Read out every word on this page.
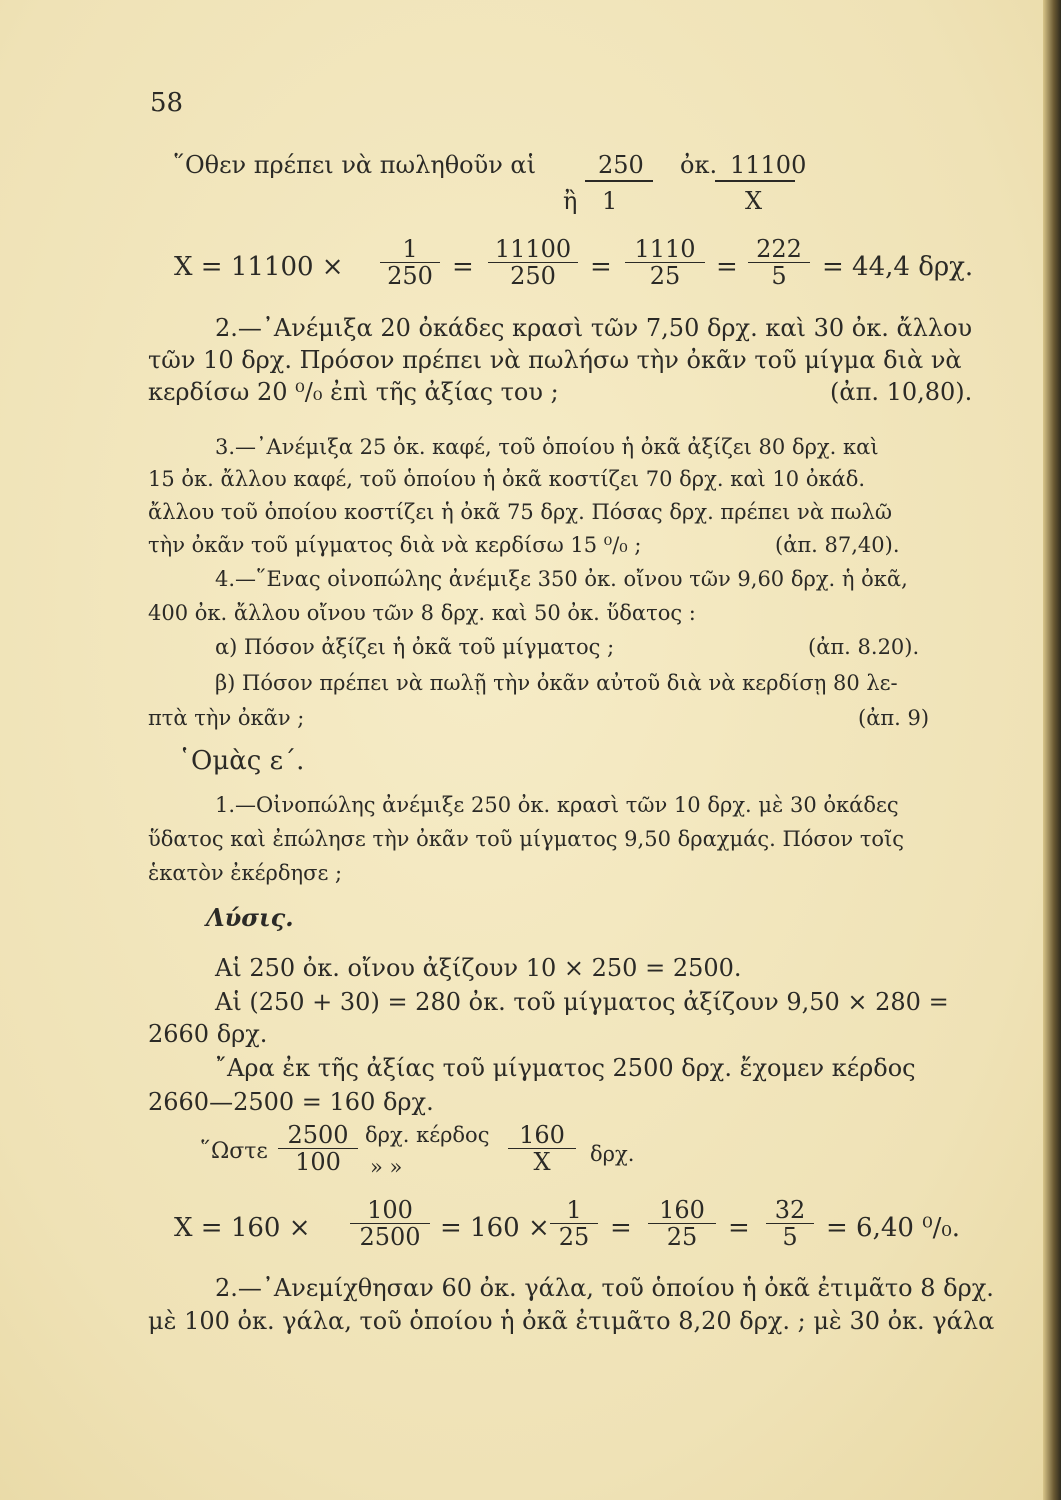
58
῞Οθεν πρέπει νὰ πωληθοῦν αἱ	250 ὀκ. 11100
ἢ 1	X
$X = 11100 \times \frac{1}{250} = \frac{11100}{250} = \frac{1110}{25} = \frac{222}{5} = 44,4$ δρχ.
2.—᾽Ανέμιξα 20 ὀκάδες κρασὶ τῶν 7,50 δρχ. καὶ 30 ὀκ. ἄλλου
τῶν 10 δρχ. Πρόσον πρέπει νὰ πωλήσω τὴν ὀκᾶν τοῦ μίγμα διὰ νὰ
κερδίσω 20 ⁰/₀ ἐπὶ τῆς ἀξίας του ;	(ἀπ. 10,80).
3.—᾽Ανέμιξα 25 ὀκ. καφέ, τοῦ ὁποίου ἡ ὀκᾶ ἀξίζει 80 δρχ. καὶ
15 ὀκ. ἄλλου καφέ, τοῦ ὁποίου ἡ ὀκᾶ κοστίζει 70 δρχ. καὶ 10 ὀκάδ.
ἄλλου τοῦ ὁποίου κοστίζει ἡ ὀκᾶ 75 δρχ. Πόσας δρχ. πρέπει νὰ πωλῶ
τὴν ὀκᾶν τοῦ μίγματος διὰ νὰ κερδίσω 15 ⁰/₀ ;	(ἀπ. 87,40).
4.—῞Ενας οἰνοπώλης ἀνέμιξε 350 ὀκ. οἴνου τῶν 9,60 δρχ. ἡ ὀκᾶ,
400 ὀκ. ἄλλου οἴνου τῶν 8 δρχ. καὶ 50 ὀκ. ὕδατος :
α) Πόσον ἀξίζει ἡ ὀκᾶ τοῦ μίγματος ;	(ἀπ. 8.20).
β) Πόσον πρέπει νὰ πωλῇ τὴν ὀκᾶν αὐτοῦ διὰ νὰ κερδίσῃ 80 λε-
πτὰ τὴν ὀκᾶν ;	(ἀπ. 9)
῾Ομὰς ε΄.
1.—Οἰνοπώλης ἀνέμιξε 250 ὀκ. κρασὶ τῶν 10 δρχ. μὲ 30 ὀκάδες
ὕδατος καὶ ἐπώλησε τὴν ὀκᾶν τοῦ μίγματος 9,50 δραχμάς. Πόσον τοῖς
ἑκατὸν ἐκέρδησε ;
Λύσις.
Αἱ 250 ὀκ. οἴνου ἀξίζουν 10 × 250 = 2500.
Αἱ (250 + 30) = 280 ὀκ. τοῦ μίγματος ἀξίζουν 9,50 × 280 =
2660 δρχ.
῎Αρα ἐκ τῆς ἀξίας τοῦ μίγματος 2500 δρχ. ἔχομεν κέρδος
2660—2500 = 160 δρχ.
῞Ωστε $\frac{2500}{100} \delta\rho\chi$. κέρδος
» »	$\frac{160}{X} \delta\rho\chi$.
$X = 160 \times \frac{100}{2500} = 160 \times \frac{1}{25} = \frac{160}{25} = \frac{32}{5} = 6,40$ ⁰/₀.
2.—᾽Ανεμίχθησαν 60 ὀκ. γάλα, τοῦ ὁποίου ἡ ὀκᾶ ἐτιμᾶτο 8 δρχ.
μὲ 100 ὀκ. γάλα, τοῦ ὁποίου ἡ ὀκᾶ ἐτιμᾶτο 8,20 δρχ. ; μὲ 30 ὀκ. γάλα
